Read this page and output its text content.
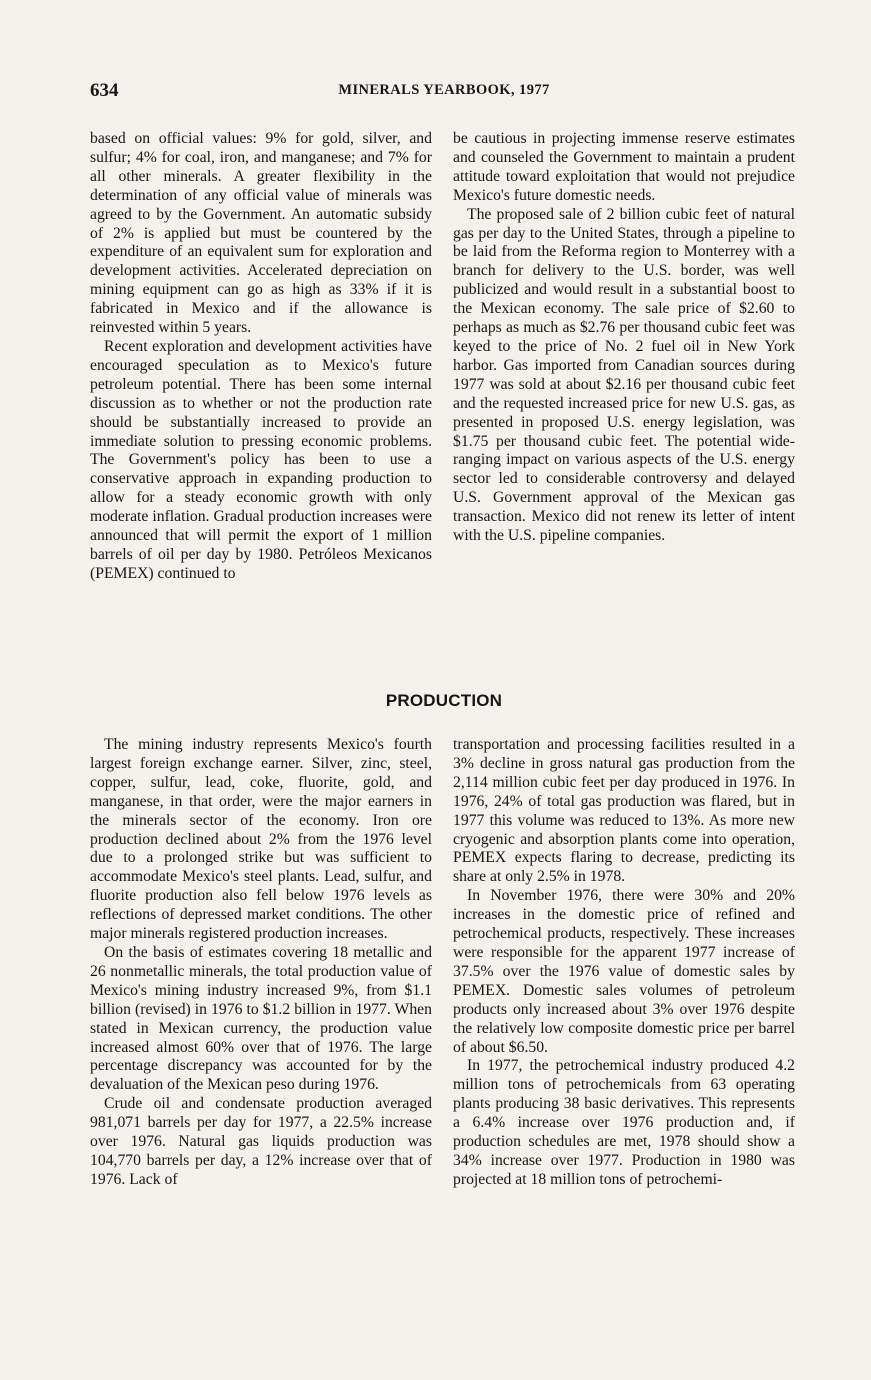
634	MINERALS YEARBOOK, 1977

based on official values: 9% for gold, silver, and sulfur; 4% for coal, iron, and manganese; and 7% for all other minerals. A greater flexibility in the determination of any official value of minerals was agreed to by the Government. An automatic subsidy of 2% is applied but must be countered by the expenditure of an equivalent sum for exploration and development activities. Accelerated depreciation on mining equipment can go as high as 33% if it is fabricated in Mexico and if the allowance is reinvested within 5 years.

Recent exploration and development activities have encouraged speculation as to Mexico's future petroleum potential. There has been some internal discussion as to whether or not the production rate should be substantially increased to provide an immediate solution to pressing economic problems. The Government's policy has been to use a conservative approach in expanding production to allow for a steady economic growth with only moderate inflation. Gradual production increases were announced that will permit the export of 1 million barrels of oil per day by 1980. Petróleos Mexicanos (PEMEX) continued to

be cautious in projecting immense reserve estimates and counseled the Government to maintain a prudent attitude toward exploitation that would not prejudice Mexico's future domestic needs.

The proposed sale of 2 billion cubic feet of natural gas per day to the United States, through a pipeline to be laid from the Reforma region to Monterrey with a branch for delivery to the U.S. border, was well publicized and would result in a substantial boost to the Mexican economy. The sale price of $2.60 to perhaps as much as $2.76 per thousand cubic feet was keyed to the price of No. 2 fuel oil in New York harbor. Gas imported from Canadian sources during 1977 was sold at about $2.16 per thousand cubic feet and the requested increased price for new U.S. gas, as presented in proposed U.S. energy legislation, was $1.75 per thousand cubic feet. The potential wide-ranging impact on various aspects of the U.S. energy sector led to considerable controversy and delayed U.S. Government approval of the Mexican gas transaction. Mexico did not renew its letter of intent with the U.S. pipeline companies.

PRODUCTION

The mining industry represents Mexico's fourth largest foreign exchange earner. Silver, zinc, steel, copper, sulfur, lead, coke, fluorite, gold, and manganese, in that order, were the major earners in the minerals sector of the economy. Iron ore production declined about 2% from the 1976 level due to a prolonged strike but was sufficient to accommodate Mexico's steel plants. Lead, sulfur, and fluorite production also fell below 1976 levels as reflections of depressed market conditions. The other major minerals registered production increases.

On the basis of estimates covering 18 metallic and 26 nonmetallic minerals, the total production value of Mexico's mining industry increased 9%, from $1.1 billion (revised) in 1976 to $1.2 billion in 1977. When stated in Mexican currency, the production value increased almost 60% over that of 1976. The large percentage discrepancy was accounted for by the devaluation of the Mexican peso during 1976.

Crude oil and condensate production averaged 981,071 barrels per day for 1977, a 22.5% increase over 1976. Natural gas liquids production was 104,770 barrels per day, a 12% increase over that of 1976. Lack of

transportation and processing facilities resulted in a 3% decline in gross natural gas production from the 2,114 million cubic feet per day produced in 1976. In 1976, 24% of total gas production was flared, but in 1977 this volume was reduced to 13%. As more new cryogenic and absorption plants come into operation, PEMEX expects flaring to decrease, predicting its share at only 2.5% in 1978.

In November 1976, there were 30% and 20% increases in the domestic price of refined and petrochemical products, respectively. These increases were responsible for the apparent 1977 increase of 37.5% over the 1976 value of domestic sales by PEMEX. Domestic sales volumes of petroleum products only increased about 3% over 1976 despite the relatively low composite domestic price per barrel of about $6.50.

In 1977, the petrochemical industry produced 4.2 million tons of petrochemicals from 63 operating plants producing 38 basic derivatives. This represents a 6.4% increase over 1976 production and, if production schedules are met, 1978 should show a 34% increase over 1977. Production in 1980 was projected at 18 million tons of petrochemi-
